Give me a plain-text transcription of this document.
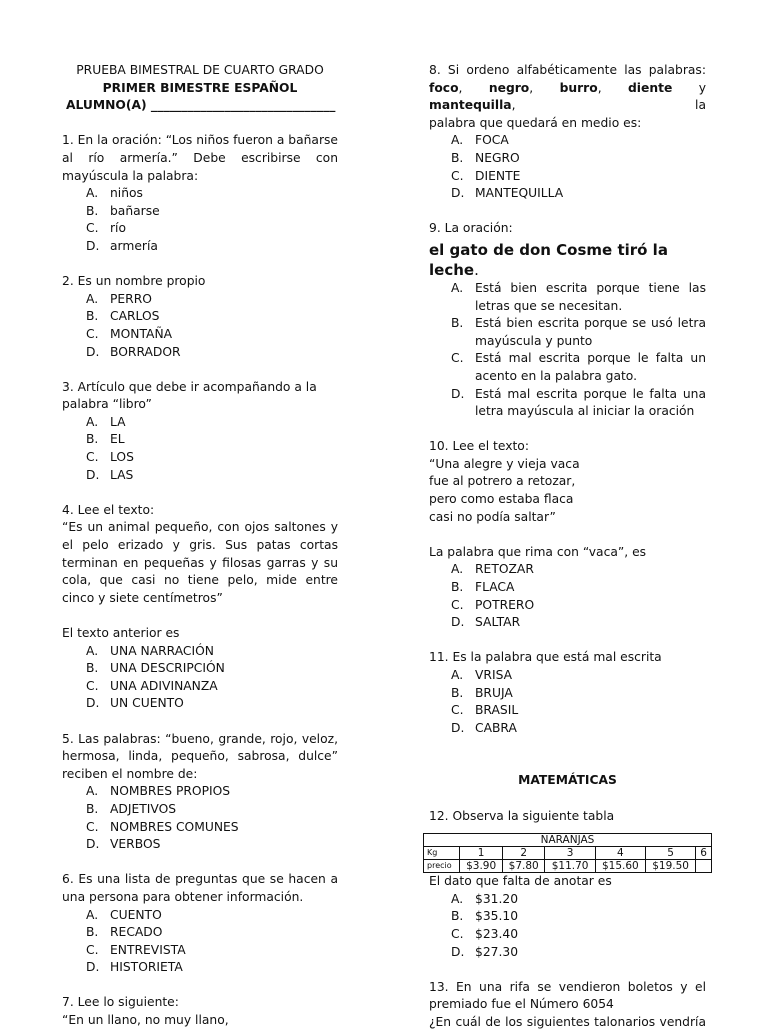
PRUEBA BIMESTRAL DE CUARTO GRADO

PRIMER BIMESTRE ESPAÑOL

ALUMNO(A) ______________________________

1. En la oración: “Los niños fueron a bañarse al río armería.” Debe escribirse con mayúscula la palabra:

A. niños
B. bañarse
C. río
D. armería

2. Es un nombre propio

A. PERRO
B. CARLOS
C. MONTAÑA
D. BORRADOR

3. Artículo que debe ir acompañando a la palabra “libro”

A. LA
B. EL
C. LOS
D. LAS

4. Lee el texto:

“Es un animal pequeño, con ojos saltones y el pelo erizado y gris. Sus patas cortas terminan en pequeñas y filosas garras y su cola, que casi no tiene pelo, mide entre cinco y siete centímetros”

El texto anterior es

A. UNA NARRACIÓN
B. UNA DESCRIPCIÓN
C. UNA ADIVINANZA
D. UN CUENTO

5. Las palabras: “bueno, grande, rojo, veloz, hermosa, linda, pequeño, sabrosa, dulce” reciben el nombre de:

A. NOMBRES PROPIOS
B. ADJETIVOS
C. NOMBRES COMUNES
D. VERBOS

6. Es una lista de preguntas que se hacen a una persona para obtener información.

A. CUENTO
B. RECADO
C. ENTREVISTA
D. HISTORIETA

7. Lee lo siguiente:

“En un llano, no muy llano,

8. Si ordeno alfabéticamente las palabras:

foco, negro, burro, diente y mantequilla, la

palabra que quedará en medio es:

A. FOCA
B. NEGRO
C. DIENTE
D. MANTEQUILLA

9. La oración:

el gato de don Cosme tiró la leche.

A. Está bien escrita porque tiene las letras que se necesitan.
B. Está bien escrita porque se usó letra mayúscula y punto
C. Está mal escrita porque le falta un acento en la palabra gato.
D. Está mal escrita porque le falta una letra mayúscula al iniciar la oración

10. Lee el texto:

“Una alegre y vieja vaca

fue al potrero a retozar,

pero como estaba flaca

casi no podía saltar”

La palabra que rima con “vaca”, es

A. RETOZAR
B. FLACA
C. POTRERO
D. SALTAR

11. Es la palabra que está mal escrita

A. VRISA
B. BRUJA
C. BRASIL
D. CABRA

MATEMÁTICAS

12. Observa la siguiente tabla

NARANJAS						
Kg	1	2	3	4	5	6
precio	$3.90	$7.80	$11.70	$15.60	$19.50	

El dato que falta de anotar es

A. $31.20
B. $35.10
C. $23.40
D. $27.30

13. En una rifa se vendieron boletos y el

premiado fue el Número 6054

¿En cuál de los siguientes talonarios vendría
